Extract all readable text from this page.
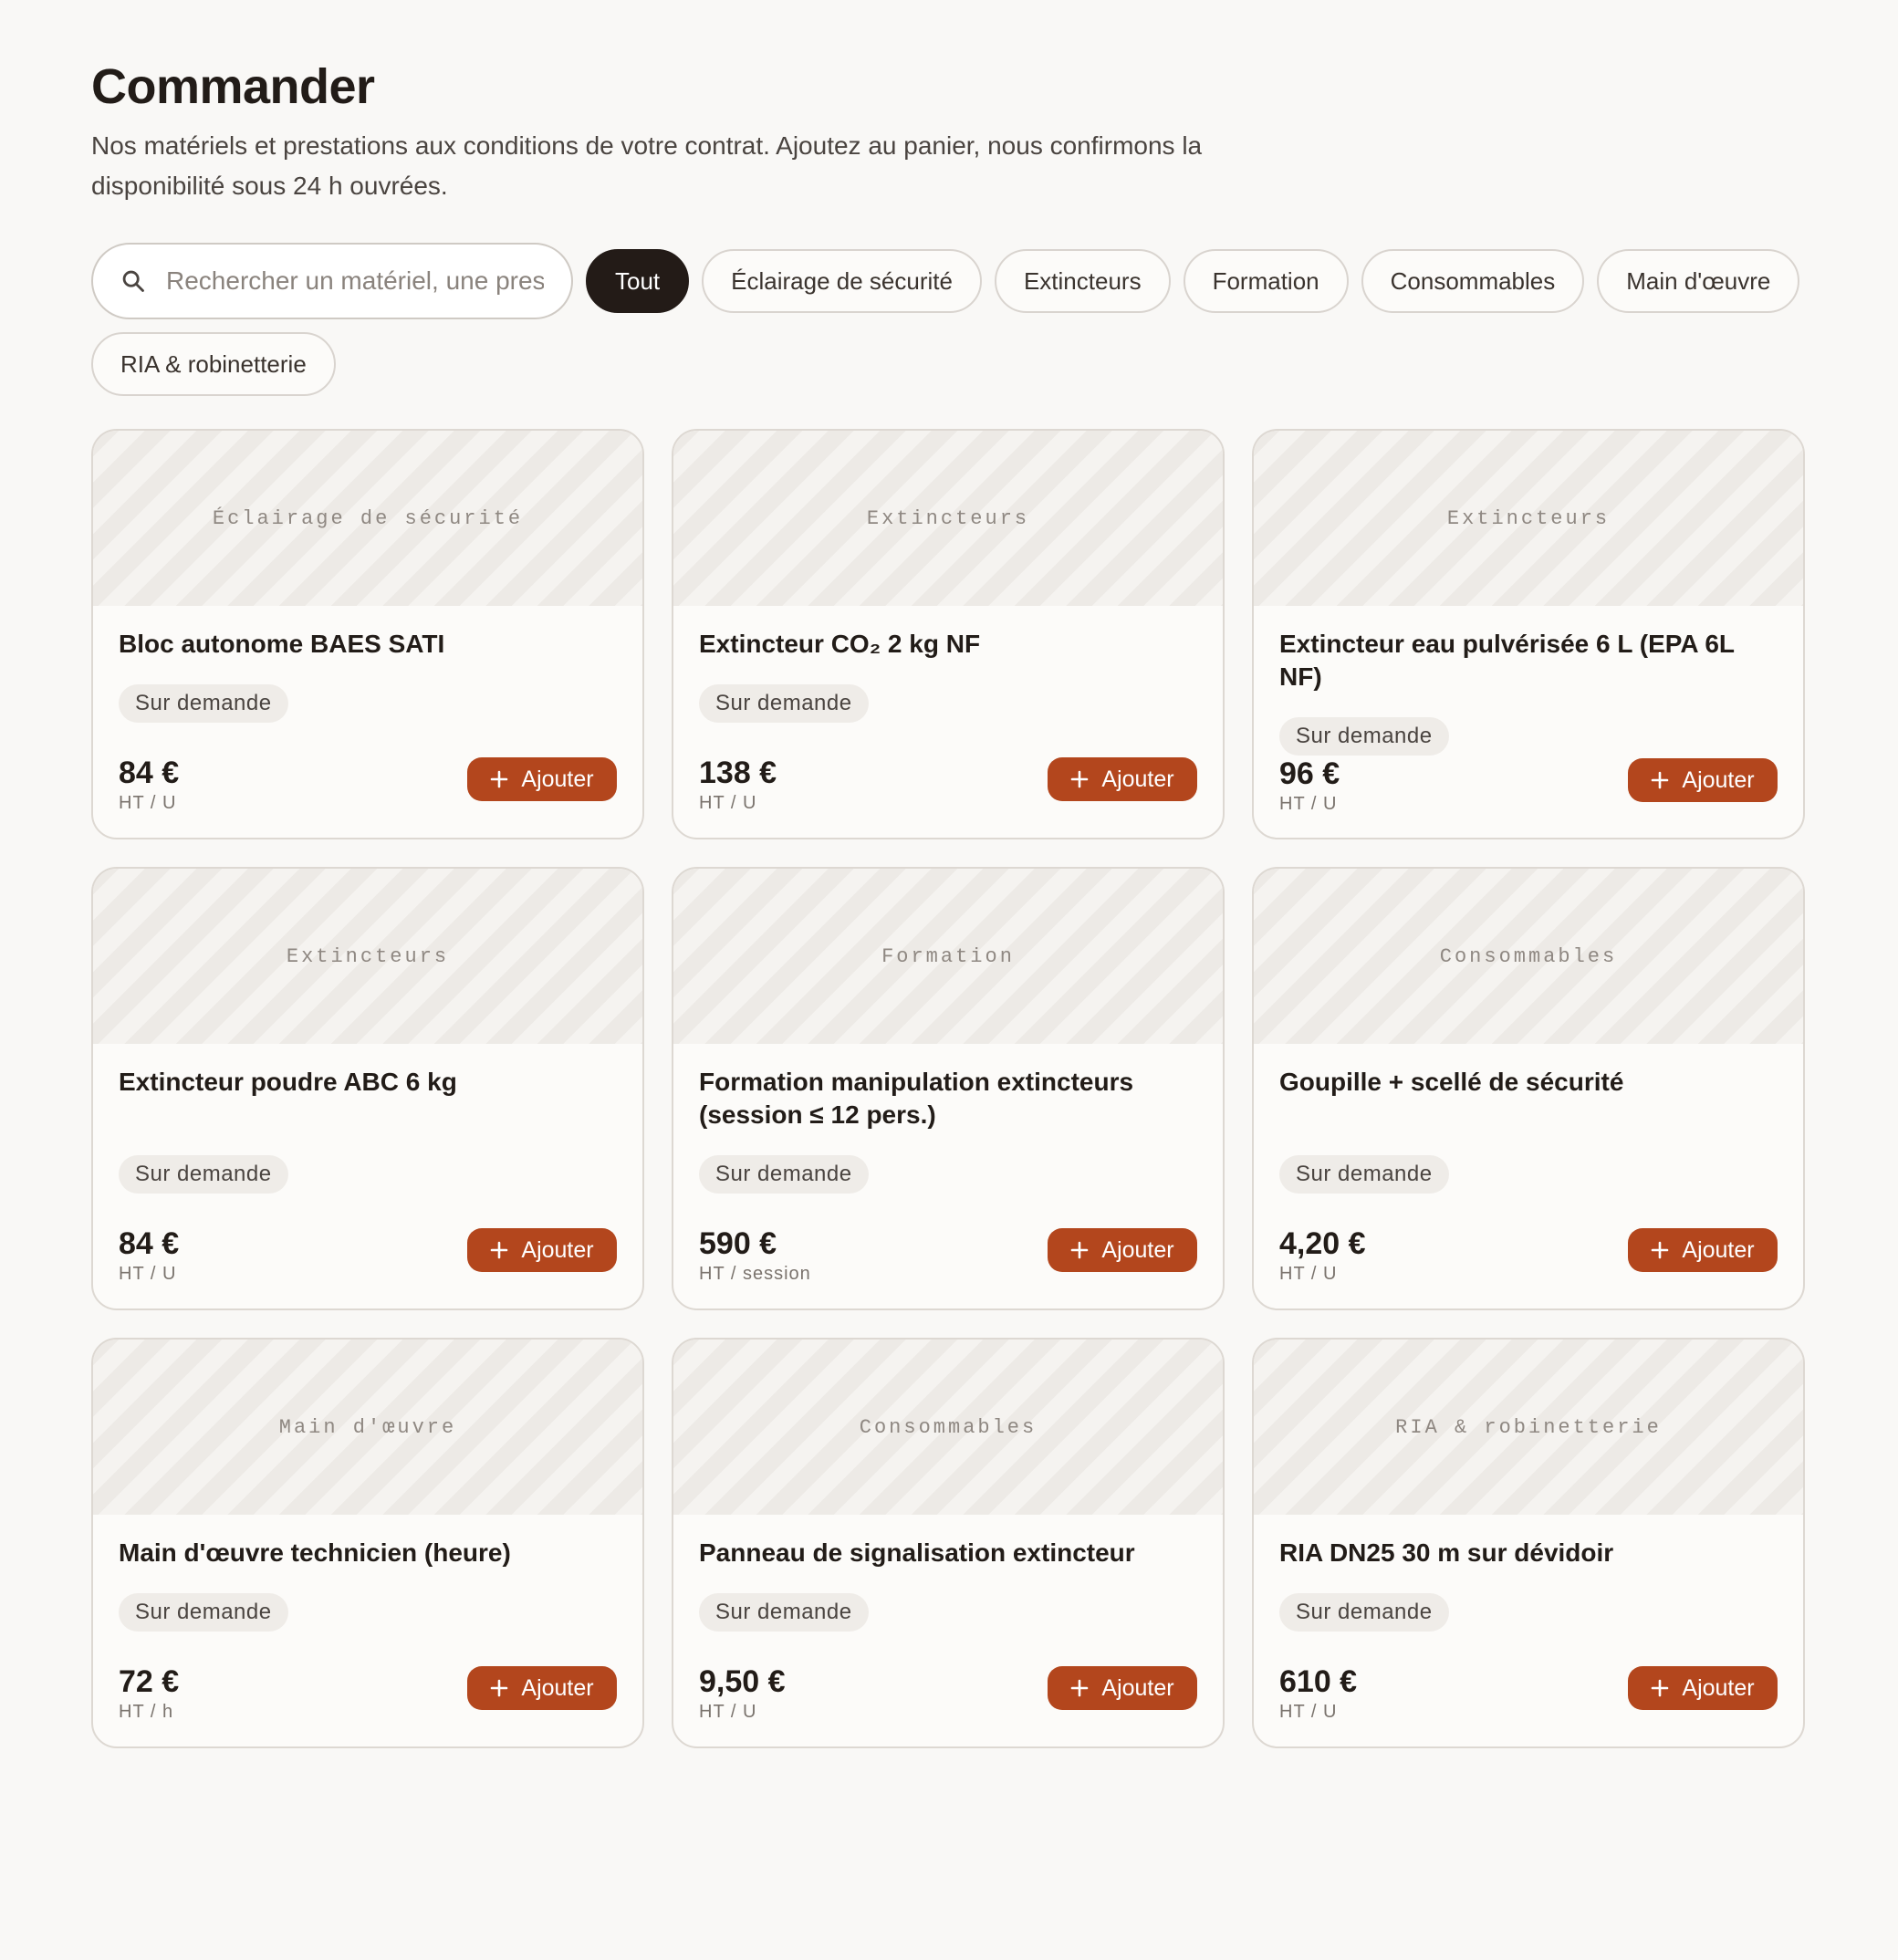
Commander

Nos matériels et prestations aux conditions de votre contrat. Ajoutez au panier, nous confirmons la disponibilité sous 24 h ouvrées.

Rechercher un matériel, une prestation…
Tout	Éclairage de sécurité	Extincteurs	Formation	Consommables	Main d'œuvre
RIA & robinetterie
Éclairage de sécurité
Bloc autonome BAES SATI
Sur demande
84 €
HT / U
Ajouter
Extincteurs
Extincteur CO₂ 2 kg NF
Sur demande
138 €
HT / U
Ajouter
Extincteurs
Extincteur eau pulvérisée 6 L (EPA 6L NF)
Sur demande
96 €
HT / U
Ajouter
Extincteurs
Extincteur poudre ABC 6 kg
Sur demande
84 €
HT / U
Ajouter
Formation
Formation manipulation extincteurs (session ≤ 12 pers.)
Sur demande
590 €
HT / session
Ajouter
Consommables
Goupille + scellé de sécurité
Sur demande
4,20 €
HT / U
Ajouter
Main d'œuvre
Main d'œuvre technicien (heure)
Sur demande
72 €
HT / h
Ajouter
Consommables
Panneau de signalisation extincteur
Sur demande
9,50 €
HT / U
Ajouter
RIA & robinetterie
RIA DN25 30 m sur dévidoir
Sur demande
610 €
HT / U
Ajouter
